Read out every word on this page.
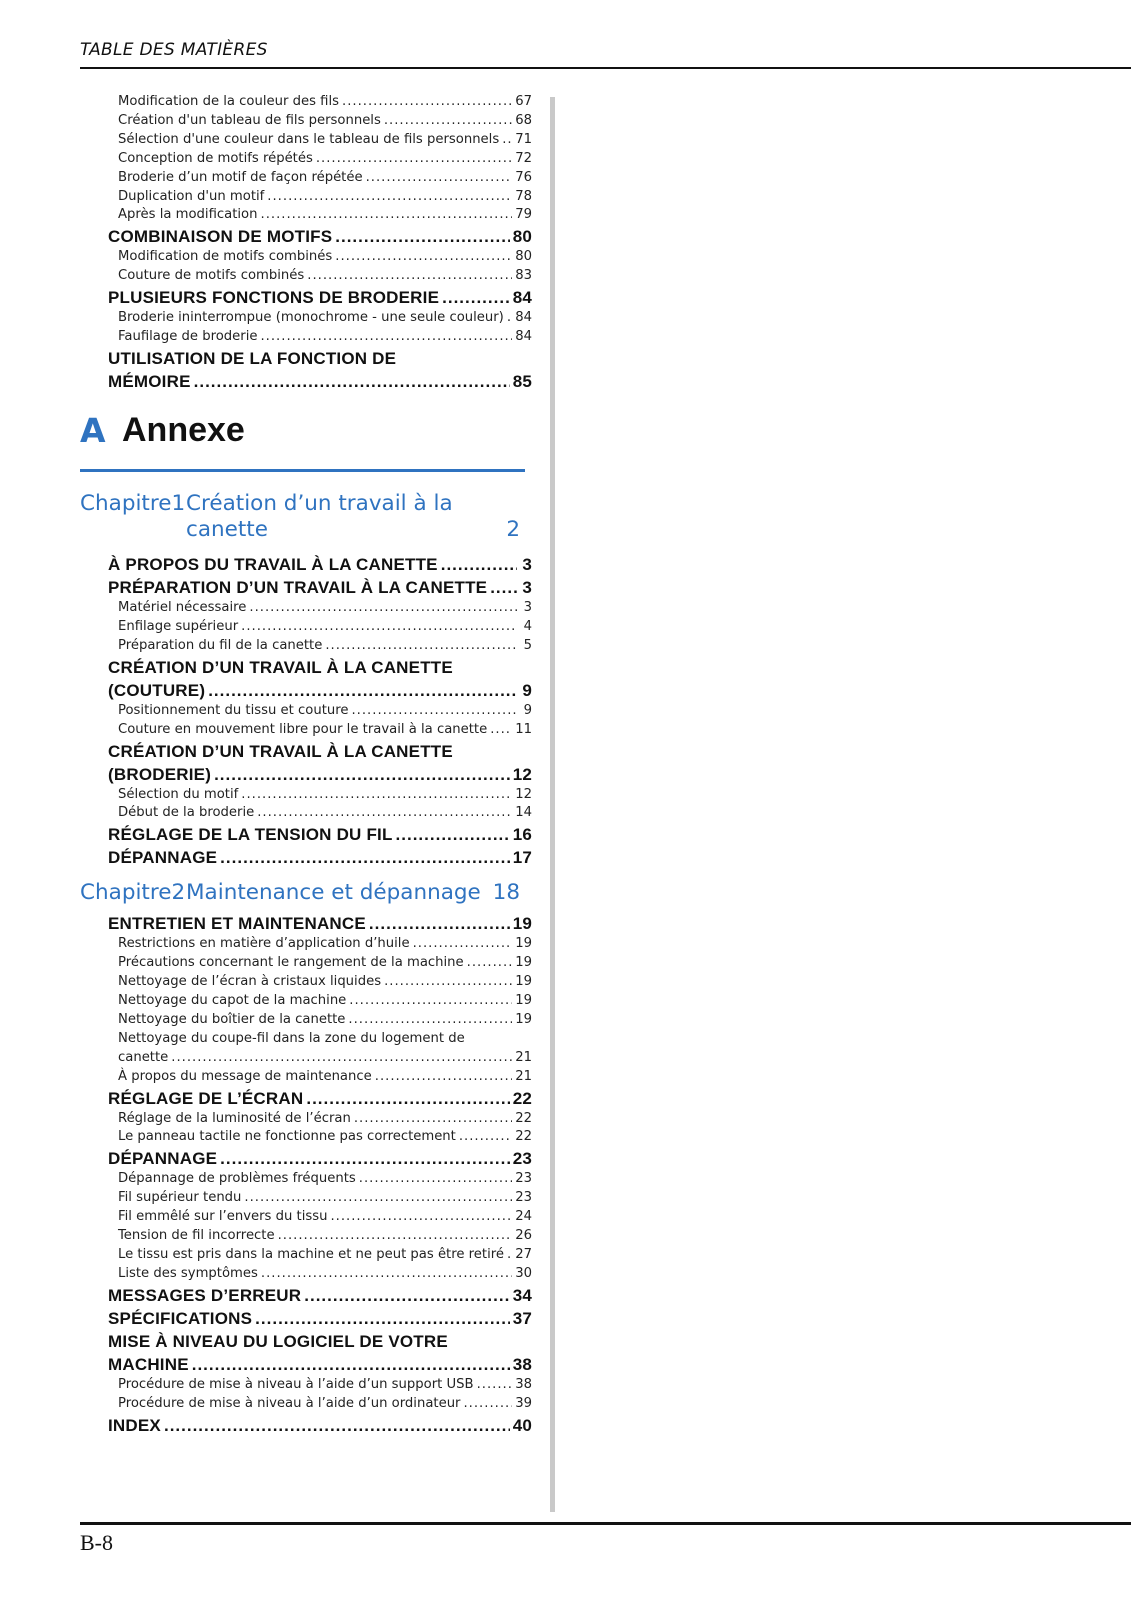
TABLE DES MATIÈRES
Modification de la couleur des fils .....	67
Création d'un tableau de fils personnels .....	68
Sélection d'une couleur dans le tableau de fils personnels ..... 71
Conception de motifs répétés .....	72
Broderie d’un motif de façon répétée .....	76
Duplication d'un motif .....	78
Après la modification .....	79
COMBINAISON DE MOTIFS .....	80
Modification de motifs combinés .....	80
Couture de motifs combinés .....	83
PLUSIEURS FONCTIONS DE BRODERIE .....	84
Broderie ininterrompue (monochrome - une seule couleur) ..... 84
Faufilage de broderie .....	84
UTILISATION DE LA FONCTION DE
MÉMOIRE .....	85
A Annexe
Chapitre1 Création d’un travail à la
canette	2
À PROPOS DU TRAVAIL À LA CANETTE .....	3
PRÉPARATION D’UN TRAVAIL À LA CANETTE ..... 3
Matériel nécessaire .....	3
Enfilage supérieur .....	4
Préparation du fil de la canette .....	5
CRÉATION D’UN TRAVAIL À LA CANETTE
(COUTURE) .....	9
Positionnement du tissu et couture .....	9
Couture en mouvement libre pour le travail à la canette ..... 11
CRÉATION D’UN TRAVAIL À LA CANETTE
(BRODERIE) .....	12
Sélection du motif .....	12
Début de la broderie .....	14
RÉGLAGE DE LA TENSION DU FIL .....	16
DÉPANNAGE .....	17
Chapitre2 Maintenance et dépannage 18
ENTRETIEN ET MAINTENANCE .....	19
Restrictions en matière d’application d’huile .....	19
Précautions concernant le rangement de la machine .....	19
Nettoyage de l’écran à cristaux liquides .....	19
Nettoyage du capot de la machine .....	19
Nettoyage du boîtier de la canette .....	19
Nettoyage du coupe-fil dans la zone du logement de
canette .....	21
À propos du message de maintenance .....	21
RÉGLAGE DE L’ÉCRAN .....	22
Réglage de la luminosité de l’écran .....	22
Le panneau tactile ne fonctionne pas correctement .....	22
DÉPANNAGE .....	23
Dépannage de problèmes fréquents .....	23
Fil supérieur tendu .....	23
Fil emmêlé sur l’envers du tissu .....	24
Tension de fil incorrecte .....	26
Le tissu est pris dans la machine et ne peut pas être retiré ..... 27
Liste des symptômes .....	30
MESSAGES D’ERREUR .....	34
SPÉCIFICATIONS .....	37
MISE À NIVEAU DU LOGICIEL DE VOTRE
MACHINE .....	38
Procédure de mise à niveau à l’aide d’un support USB .....	38
Procédure de mise à niveau à l’aide d’un ordinateur .....	39
INDEX .....	40
B-8
